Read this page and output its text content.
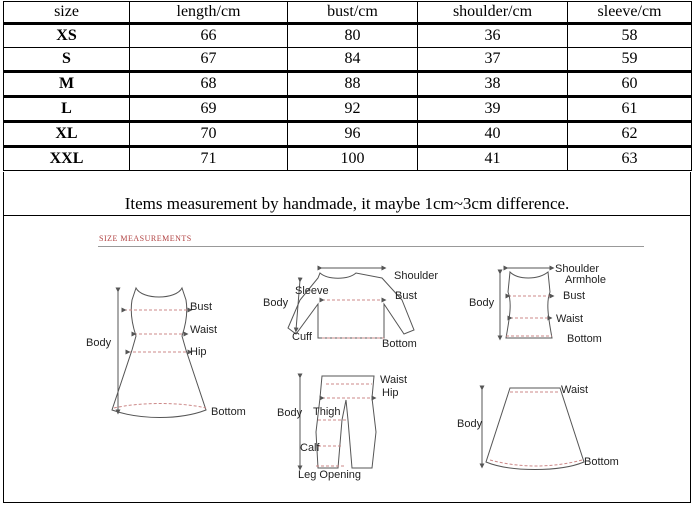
size	length/cm	bust/cm	shoulder/cm	sleeve/cm
XS	66	80	36	58
S	67	84	37	59
M	68	88	38	60
L	69	92	39	61
XL	70	96	40	62
XXL	71	100	41	63
Items measurement by handmade, it maybe 1cm~3cm difference.
SIZE MEASUREMENTS
Bust
Waist
Body
Hip
Bottom
Shoulder
Sleeve
Body
Bust
Cuff
Bottom
Shoulder
Armhole
Body
Bust
Waist
Bottom
Waist
Hip
Body Thigh
Calf
Leg Opening
Waist
Body
Bottom
